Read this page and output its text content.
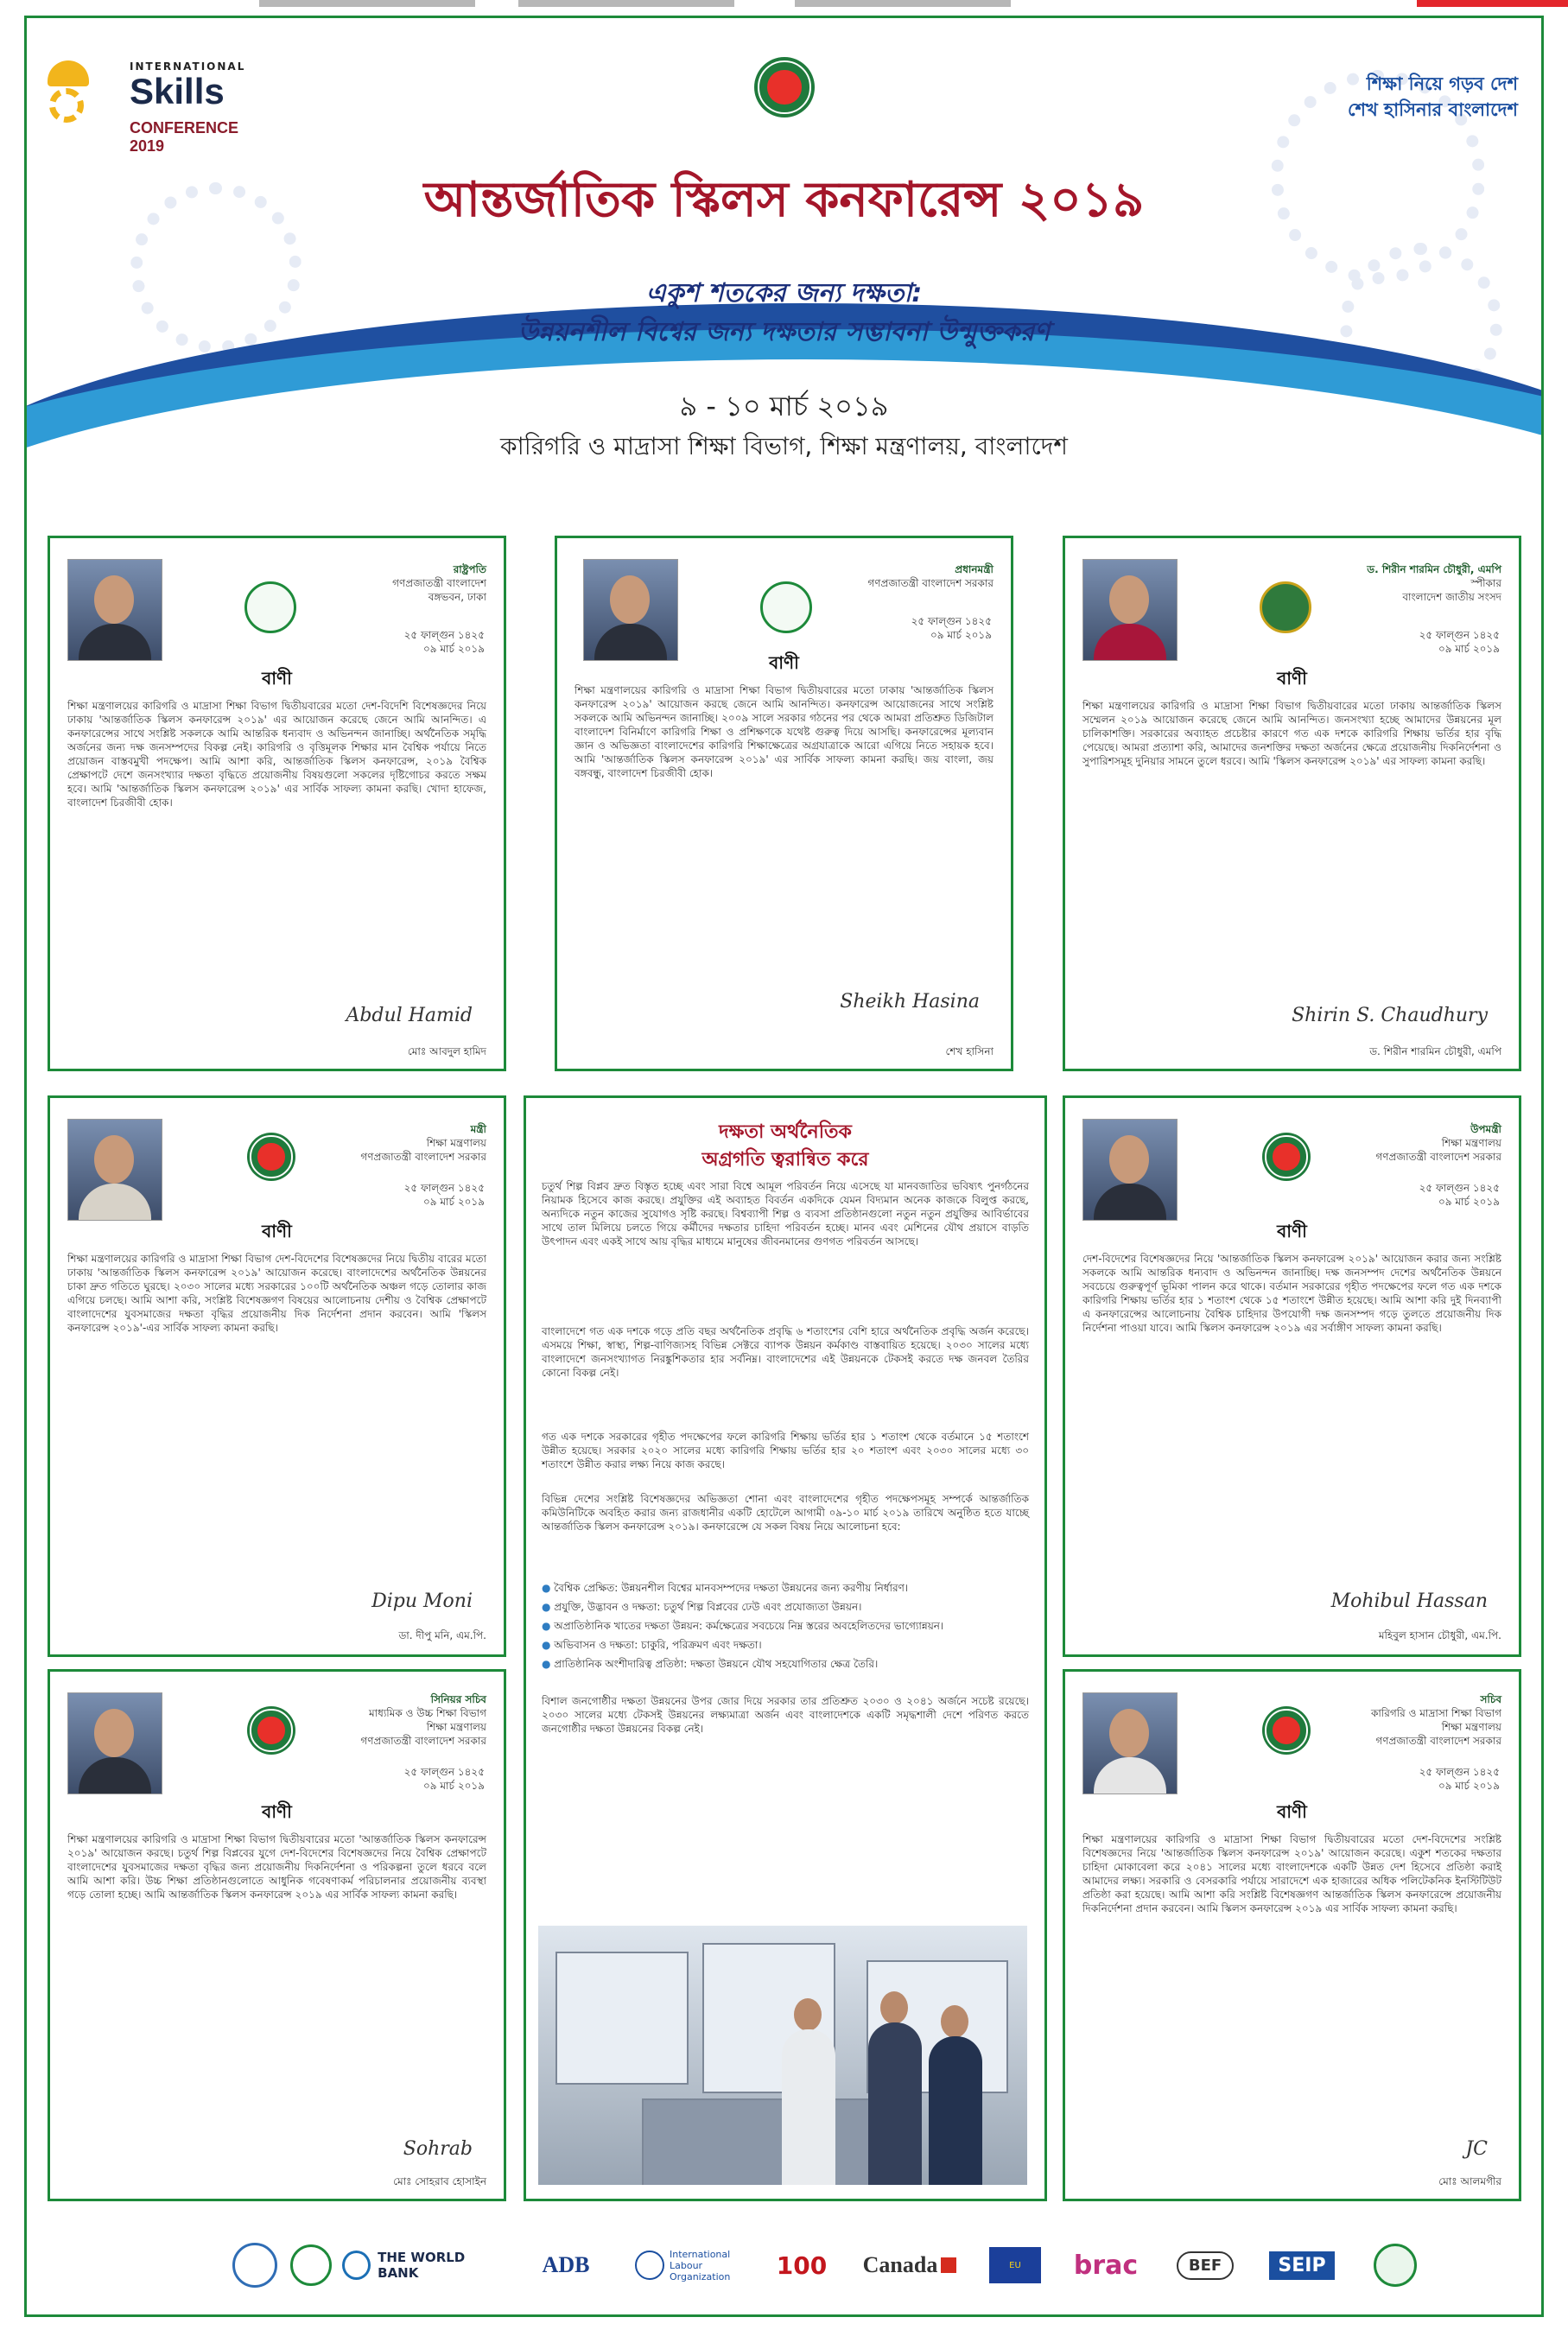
INTERNATIONAL
Skills
CONFERENCE 2019
শিক্ষা নিয়ে গড়ব দেশ
শেখ হাসিনার বাংলাদেশ
আন্তর্জাতিক স্কিলস কনফারেন্স ২০১৯
একুশ শতকের জন্য দক্ষতা:
উন্নয়নশীল বিশ্বের জন্য দক্ষতার সম্ভাবনা উন্মুক্তকরণ
৯ - ১০ মার্চ ২০১৯
কারিগরি ও মাদ্রাসা শিক্ষা বিভাগ, শিক্ষা মন্ত্রণালয়, বাংলাদেশ
রাষ্ট্রপতি
গণপ্রজাতন্ত্রী বাংলাদেশ
বঙ্গভবন, ঢাকা
২৫ ফাল্গুন ১৪২৫
০৯ মার্চ ২০১৯
বাণী
শিক্ষা মন্ত্রণালয়ের কারিগরি ও মাদ্রাসা শিক্ষা বিভাগ দ্বিতীয়বারের মতো দেশ-বিদেশি বিশেষজ্ঞদের নিয়ে ঢাকায় 'আন্তর্জাতিক স্কিলস কনফারেন্স ২০১৯' এর আয়োজন করেছে জেনে আমি আনন্দিত। এ কনফারেন্সের সাথে সংশ্লিষ্ট সকলকে আমি আন্তরিক ধন্যবাদ ও অভিনন্দন জানাচ্ছি। অর্থনৈতিক সমৃদ্ধি অর্জনের জন্য দক্ষ জনসম্পদের বিকল্প নেই। কারিগরি ও বৃত্তিমূলক শিক্ষার মান বৈশ্বিক পর্যায়ে নিতে প্রয়োজন বাস্তবমুখী পদক্ষেপ। আমি আশা করি, আন্তর্জাতিক স্কিলস কনফারেন্স, ২০১৯ বৈশ্বিক প্রেক্ষাপটে দেশে জনসংখ্যার দক্ষতা বৃদ্ধিতে প্রয়োজনীয় বিষয়গুলো সকলের দৃষ্টিগোচর করতে সক্ষম হবে। আমি 'আন্তর্জাতিক স্কিলস কনফারেন্স ২০১৯' এর সার্বিক সাফল্য কামনা করছি। খোদা হাফেজ, বাংলাদেশ চিরজীবী হোক।
Abdul Hamid
মোঃ আবদুল হামিদ
প্রধানমন্ত্রী
গণপ্রজাতন্ত্রী বাংলাদেশ সরকার
২৫ ফাল্গুন ১৪২৫
০৯ মার্চ ২০১৯
বাণী
শিক্ষা মন্ত্রণালয়ের কারিগরি ও মাদ্রাসা শিক্ষা বিভাগ দ্বিতীয়বারের মতো ঢাকায় 'আন্তর্জাতিক স্কিলস কনফারেন্স ২০১৯' আয়োজন করছে জেনে আমি আনন্দিত। কনফারেন্স আয়োজনের সাথে সংশ্লিষ্ট সকলকে আমি অভিনন্দন জানাচ্ছি। ২০০৯ সালে সরকার গঠনের পর থেকে আমরা প্রতিশ্রুত ডিজিটাল বাংলাদেশ বিনির্মাণে কারিগরি শিক্ষা ও প্রশিক্ষণকে যথেষ্ট গুরুত্ব দিয়ে আসছি। কনফারেন্সের মূল্যবান জ্ঞান ও অভিজ্ঞতা বাংলাদেশের কারিগরি শিক্ষাক্ষেত্রের অগ্রযাত্রাকে আরো এগিয়ে নিতে সহায়ক হবে। আমি 'আন্তর্জাতিক স্কিলস কনফারেন্স ২০১৯' এর সার্বিক সাফল্য কামনা করছি। জয় বাংলা, জয় বঙ্গবন্ধু, বাংলাদেশ চিরজীবী হোক।
Sheikh Hasina
শেখ হাসিনা
ড. শিরীন শারমিন চৌধুরী, এমপি
স্পীকার
বাংলাদেশ জাতীয় সংসদ
২৫ ফাল্গুন ১৪২৫
০৯ মার্চ ২০১৯
বাণী
শিক্ষা মন্ত্রণালয়ের কারিগরি ও মাদ্রাসা শিক্ষা বিভাগ দ্বিতীয়বারের মতো ঢাকায় আন্তর্জাতিক স্কিলস সম্মেলন ২০১৯ আয়োজন করেছে জেনে আমি আনন্দিত। জনসংখ্যা হচ্ছে আমাদের উন্নয়নের মূল চালিকাশক্তি। সরকারের অব্যাহত প্রচেষ্টার কারণে গত এক দশকে কারিগরি শিক্ষায় ভর্তির হার বৃদ্ধি পেয়েছে। আমরা প্রত্যাশা করি, আমাদের জনশক্তির দক্ষতা অর্জনের ক্ষেত্রে প্রয়োজনীয় দিকনির্দেশনা ও সুপারিশসমূহ দুনিয়ার সামনে তুলে ধরবে। আমি 'স্কিলস কনফারেন্স ২০১৯' এর সাফল্য কামনা করছি।
Shirin S. Chaudhury
ড. শিরীন শারমিন চৌধুরী, এমপি
মন্ত্রী
শিক্ষা মন্ত্রণালয়
গণপ্রজাতন্ত্রী বাংলাদেশ সরকার
২৫ ফাল্গুন ১৪২৫
০৯ মার্চ ২০১৯
বাণী
শিক্ষা মন্ত্রণালয়ের কারিগরি ও মাদ্রাসা শিক্ষা বিভাগ দেশ-বিদেশের বিশেষজ্ঞদের নিয়ে দ্বিতীয় বারের মতো ঢাকায় 'আন্তর্জাতিক স্কিলস কনফারেন্স ২০১৯' আয়োজন করেছে। বাংলাদেশের অর্থনৈতিক উন্নয়নের চাকা দ্রুত গতিতে ঘুরছে। ২০৩০ সালের মধ্যে সরকারের ১০০টি অর্থনৈতিক অঞ্চল গড়ে তোলার কাজ এগিয়ে চলছে। আমি আশা করি, সংশ্লিষ্ট বিশেষজ্ঞগণ বিষয়ের আলোচনায় দেশীয় ও বৈশ্বিক প্রেক্ষাপটে বাংলাদেশের যুবসমাজের দক্ষতা বৃদ্ধির প্রয়োজনীয় দিক নির্দেশনা প্রদান করবেন। আমি 'স্কিলস কনফারেন্স ২০১৯'-এর সার্বিক সাফল্য কামনা করছি।
Dipu Moni
ডা. দীপু মনি, এম.পি.
উপমন্ত্রী
শিক্ষা মন্ত্রণালয়
গণপ্রজাতন্ত্রী বাংলাদেশ সরকার
২৫ ফাল্গুন ১৪২৫
০৯ মার্চ ২০১৯
বাণী
দেশ-বিদেশের বিশেষজ্ঞদের নিয়ে 'আন্তর্জাতিক স্কিলস কনফারেন্স ২০১৯' আয়োজন করার জন্য সংশ্লিষ্ট সকলকে আমি আন্তরিক ধন্যবাদ ও অভিনন্দন জানাচ্ছি। দক্ষ জনসম্পদ দেশের অর্থনৈতিক উন্নয়নে সবচেয়ে গুরুত্বপূর্ণ ভূমিকা পালন করে থাকে। বর্তমান সরকারের গৃহীত পদক্ষেপের ফলে গত এক দশকে কারিগরি শিক্ষায় ভর্তির হার ১ শতাংশ থেকে ১৫ শতাংশে উন্নীত হয়েছে। আমি আশা করি দুই দিনব্যাপী এ কনফারেন্সের আলোচনায় বৈশ্বিক চাহিদার উপযোগী দক্ষ জনসম্পদ গড়ে তুলতে প্রয়োজনীয় দিক নির্দেশনা পাওয়া যাবে। আমি স্কিলস কনফারেন্স ২০১৯ এর সর্বাঙ্গীণ সাফল্য কামনা করছি।
Mohibul Hassan
মহিবুল হাসান চৌধুরী, এম.পি.
দক্ষতা অর্থনৈতিক
অগ্রগতি ত্বরান্বিত করে
চতুর্থ শিল্প বিপ্লব দ্রুত বিস্তৃত হচ্ছে এবং সারা বিশ্বে আমূল পরিবর্তন নিয়ে এসেছে যা মানবজাতির ভবিষ্যৎ পুনর্গঠনের নিয়ামক হিসেবে কাজ করছে। প্রযুক্তির এই অব্যাহত বিবর্তন একদিকে যেমন বিদ্যমান অনেক কাজকে বিলুপ্ত করছে, অন্যদিকে নতুন কাজের সুযোগও সৃষ্টি করছে। বিশ্বব্যাপী শিল্প ও ব্যবসা প্রতিষ্ঠানগুলো নতুন নতুন প্রযুক্তির আবির্ভাবের সাথে তাল মিলিয়ে চলতে গিয়ে কর্মীদের দক্ষতার চাহিদা পরিবর্তন হচ্ছে। মানব এবং মেশিনের যৌথ প্রয়াসে বাড়তি উৎপাদন এবং একই সাথে আয় বৃদ্ধির মাধ্যমে মানুষের জীবনমানের গুণগত পরিবর্তন আসছে।
বাংলাদেশে গত এক দশকে গড়ে প্রতি বছর অর্থনৈতিক প্রবৃদ্ধি ৬ শতাংশের বেশি হারে অর্থনৈতিক প্রবৃদ্ধি অর্জন করেছে। এসময়ে শিক্ষা, স্বাস্থ্য, শিল্প-বাণিজ্যসহ বিভিন্ন সেক্টরে ব্যাপক উন্নয়ন কর্মকাণ্ড বাস্তবায়িত হয়েছে। ২০৩০ সালের মধ্যে বাংলাদেশে জনসংখ্যাগত নিরঙ্কুশিকতার হার সর্বনিম্ন। বাংলাদেশের এই উন্নয়নকে টেকসই করতে দক্ষ জনবল তৈরির কোনো বিকল্প নেই।
গত এক দশকে সরকারের গৃহীত পদক্ষেপের ফলে কারিগরি শিক্ষায় ভর্তির হার ১ শতাংশ থেকে বর্তমানে ১৫ শতাংশে উন্নীত হয়েছে। সরকার ২০২০ সালের মধ্যে কারিগরি শিক্ষায় ভর্তির হার ২০ শতাংশ এবং ২০৩০ সালের মধ্যে ৩০ শতাংশে উন্নীত করার লক্ষ্য নিয়ে কাজ করছে।
বিভিন্ন দেশের সংশ্লিষ্ট বিশেষজ্ঞদের অভিজ্ঞতা শোনা এবং বাংলাদেশের গৃহীত পদক্ষেপসমূহ সম্পর্কে আন্তর্জাতিক কমিউনিটিকে অবহিত করার জন্য রাজধানীর একটি হোটেলে আগামী ০৯-১০ মার্চ ২০১৯ তারিখে অনুষ্ঠিত হতে যাচ্ছে আন্তর্জাতিক স্কিলস কনফারেন্স ২০১৯। কনফারেন্সে যে সকল বিষয় নিয়ে আলোচনা হবে:
● বৈশ্বিক প্রেক্ষিত: উন্নয়নশীল বিশ্বের মানবসম্পদের দক্ষতা উন্নয়নের জন্য করণীয় নির্ধারণ।
● প্রযুক্তি, উদ্ভাবন ও দক্ষতা: চতুর্থ শিল্প বিপ্লবের ঢেউ এবং প্রযোজ্যতা উন্নয়ন।
● অপ্রাতিষ্ঠানিক খাতের দক্ষতা উন্নয়ন: কর্মক্ষেত্রের সবচেয়ে নিম্ন স্তরের অবহেলিতদের ভাগ্যোন্নয়ন।
● অভিবাসন ও দক্ষতা: চাকুরি, পরিক্রমণ এবং দক্ষতা।
● প্রাতিষ্ঠানিক অংশীদারিত্ব প্রতিষ্ঠা: দক্ষতা উন্নয়নে যৌথ সহযোগিতার ক্ষেত্র তৈরি।
বিশাল জনগোষ্ঠীর দক্ষতা উন্নয়নের উপর জোর দিয়ে সরকার তার প্রতিশ্রুত ২০৩০ ও ২০৪১ অর্জনে সচেষ্ট রয়েছে। ২০৩০ সালের মধ্যে টেকসই উন্নয়নের লক্ষ্যমাত্রা অর্জন এবং বাংলাদেশকে একটি সমৃদ্ধশালী দেশে পরিণত করতে জনগোষ্ঠীর দক্ষতা উন্নয়নের বিকল্প নেই।
সিনিয়র সচিব
মাধ্যমিক ও উচ্চ শিক্ষা বিভাগ
শিক্ষা মন্ত্রণালয়
গণপ্রজাতন্ত্রী বাংলাদেশ সরকার
২৫ ফাল্গুন ১৪২৫
০৯ মার্চ ২০১৯
বাণী
শিক্ষা মন্ত্রণালয়ের কারিগরি ও মাদ্রাসা শিক্ষা বিভাগ দ্বিতীয়বারের মতো 'আন্তর্জাতিক স্কিলস কনফারেন্স ২০১৯' আয়োজন করছে। চতুর্থ শিল্প বিপ্লবের যুগে দেশ-বিদেশের বিশেষজ্ঞদের নিয়ে বৈশ্বিক প্রেক্ষাপটে বাংলাদেশের যুবসমাজের দক্ষতা বৃদ্ধির জন্য প্রয়োজনীয় দিকনির্দেশনা ও পরিকল্পনা তুলে ধরবে বলে আমি আশা করি। উচ্চ শিক্ষা প্রতিষ্ঠানগুলোতে আধুনিক গবেষণাকর্ম পরিচালনার প্রয়োজনীয় ব্যবস্থা গড়ে তোলা হচ্ছে। আমি আন্তর্জাতিক স্কিলস কনফারেন্স ২০১৯ এর সার্বিক সাফল্য কামনা করছি।
Sohrab
মোঃ সোহরাব হোসাইন
সচিব
কারিগরি ও মাদ্রাসা শিক্ষা বিভাগ
শিক্ষা মন্ত্রণালয়
গণপ্রজাতন্ত্রী বাংলাদেশ সরকার
২৫ ফাল্গুন ১৪২৫
০৯ মার্চ ২০১৯
বাণী
শিক্ষা মন্ত্রণালয়ের কারিগরি ও মাদ্রাসা শিক্ষা বিভাগ দ্বিতীয়বারের মতো দেশ-বিদেশের সংশ্লিষ্ট বিশেষজ্ঞদের নিয়ে 'আন্তর্জাতিক স্কিলস কনফারেন্স ২০১৯' আয়োজন করেছে। একুশ শতকের দক্ষতার চাহিদা মোকাবেলা করে ২০৪১ সালের মধ্যে বাংলাদেশকে একটি উন্নত দেশ হিসেবে প্রতিষ্ঠা করাই আমাদের লক্ষ্য। সরকারি ও বেসরকারি পর্যায়ে সারাদেশে এক হাজারের অধিক পলিটেকনিক ইনস্টিটিউট প্রতিষ্ঠা করা হয়েছে। আমি আশা করি সংশ্লিষ্ট বিশেষজ্ঞগণ আন্তর্জাতিক স্কিলস কনফারেন্সে প্রয়োজনীয় দিকনির্দেশনা প্রদান করবেন। আমি স্কিলস কনফারেন্স ২০১৯ এর সার্বিক সাফল্য কামনা করছি।
JC
মোঃ আলমগীর
THE WORLD BANK	ADB	International Labour Organization	100 Canada	EU	brac	BEF	SEIP
